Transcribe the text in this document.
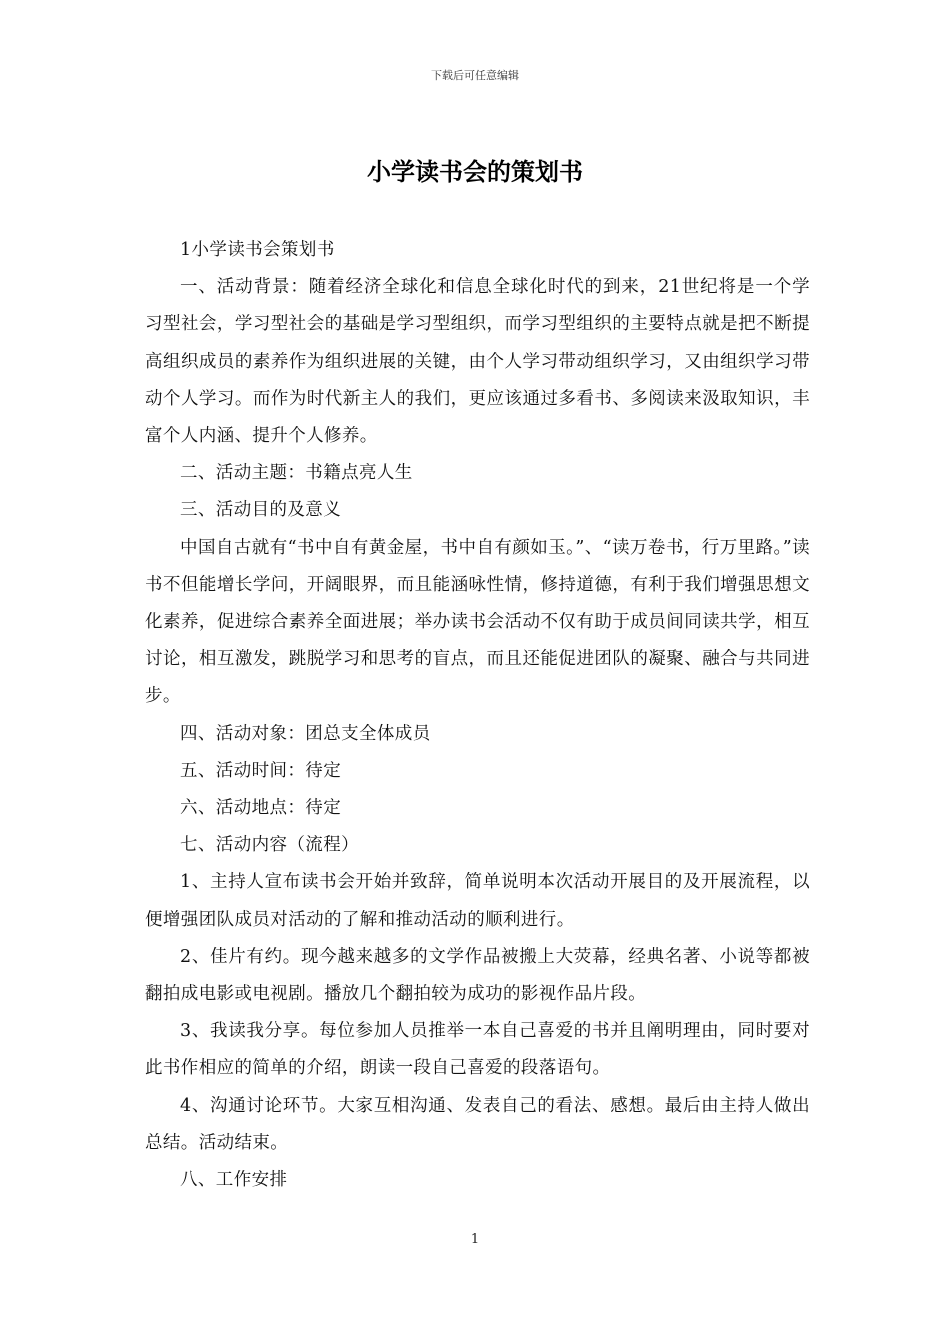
下载后可任意编辑
小学读书会的策划书

1小学读书会策划书

一、活动背景：随着经济全球化和信息全球化时代的到来，21世纪将是一个学习型社会，学习型社会的基础是学习型组织，而学习型组织的主要特点就是把不断提高组织成员的素养作为组织进展的关键，由个人学习带动组织学习，又由组织学习带动个人学习。而作为时代新主人的我们，更应该通过多看书、多阅读来汲取知识，丰富个人内涵、提升个人修养。

二、活动主题：书籍点亮人生

三、活动目的及意义

中国自古就有“书中自有黄金屋，书中自有颜如玉。”、“读万卷书，行万里路。”读书不但能增长学问，开阔眼界，而且能涵咏性情，修持道德，有利于我们增强思想文化素养，促进综合素养全面进展；举办读书会活动不仅有助于成员间同读共学，相互讨论，相互激发，跳脱学习和思考的盲点，而且还能促进团队的凝聚、融合与共同进步。

四、活动对象：团总支全体成员

五、活动时间：待定

六、活动地点：待定

七、活动内容（流程）

1、主持人宣布读书会开始并致辞，简单说明本次活动开展目的及开展流程，以便增强团队成员对活动的了解和推动活动的顺利进行。

2、佳片有约。现今越来越多的文学作品被搬上大荧幕，经典名著、小说等都被翻拍成电影或电视剧。播放几个翻拍较为成功的影视作品片段。

3、我读我分享。每位参加人员推举一本自己喜爱的书并且阐明理由，同时要对此书作相应的简单的介绍，朗读一段自己喜爱的段落语句。

4、沟通讨论环节。大家互相沟通、发表自己的看法、感想。最后由主持人做出总结。活动结束。

八、工作安排

1
